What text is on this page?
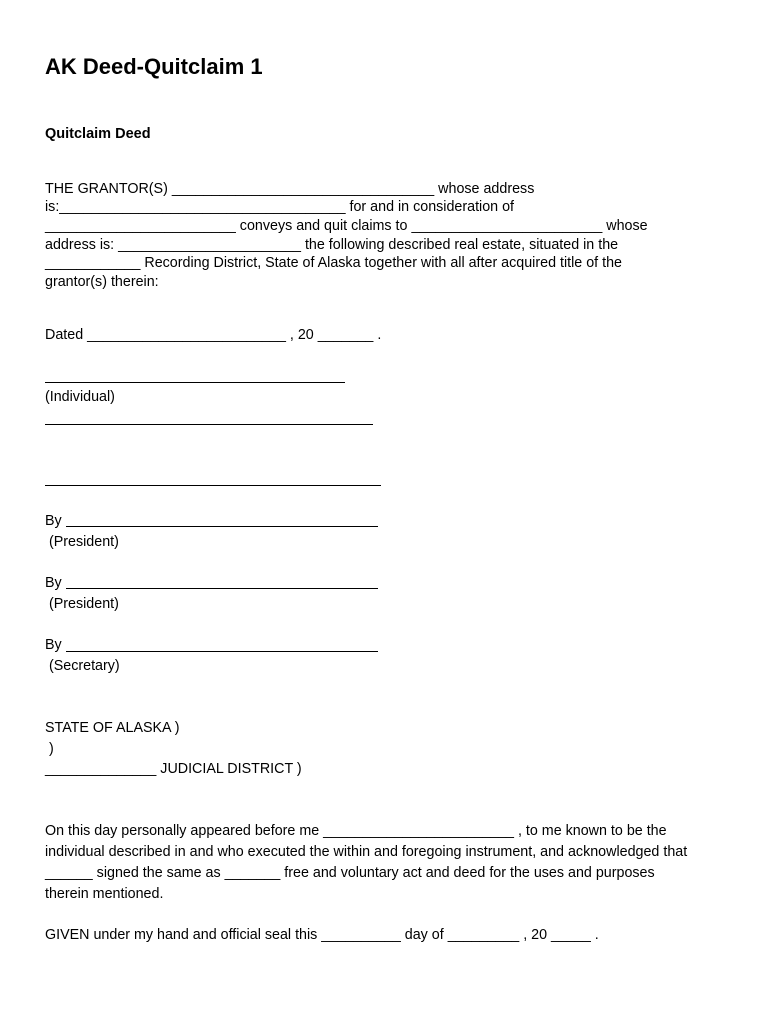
AK Deed-Quitclaim 1
Quitclaim Deed
THE GRANTOR(S) _________________________________ whose address
is:____________________________________ for and in consideration of
________________________ conveys and quit claims to ________________________ whose
address is: _______________________ the following described real estate, situated in the
____________ Recording District, State of Alaska together with all after acquired title of the
grantor(s) therein:
Dated _________________________ , 20 _______ .
(Individual)
By
(President)
By
(President)
By
(Secretary)
STATE OF ALASKA )
)
______________ JUDICIAL DISTRICT )
On this day personally appeared before me ________________________ , to me known to be the
individual described in and who executed the within and foregoing instrument, and acknowledged that
______ signed the same as _______ free and voluntary act and deed for the uses and purposes
therein mentioned.
GIVEN under my hand and official seal this __________ day of _________ , 20 _____ .
